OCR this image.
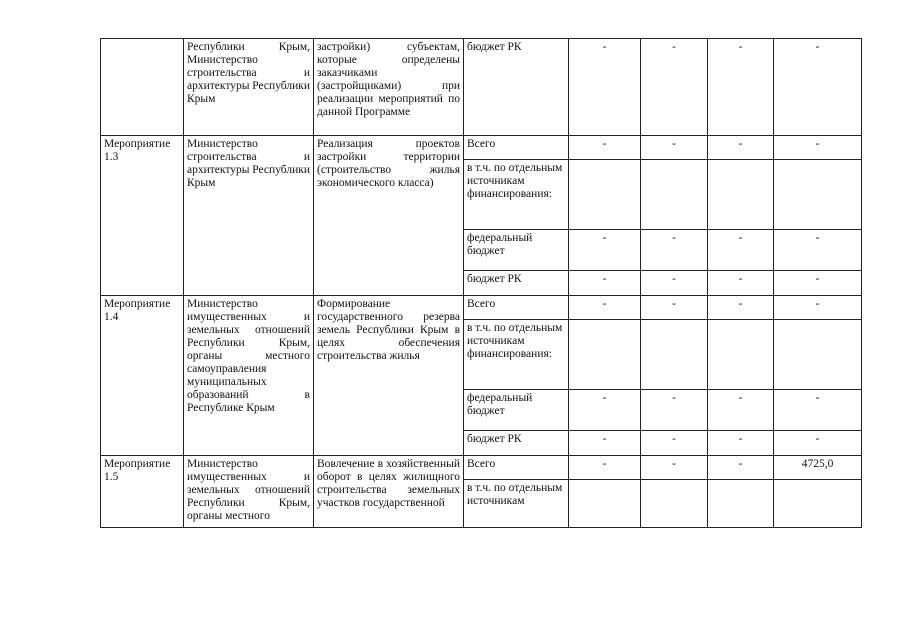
	Республики Крым, Министерство строительства и архитектуры Республики Крым	застройки) субъектам, которые определены заказчиками (застройщиками) при реализации мероприятий по данной Программе	бюджет РК	-	-	-	-
Мероприятие 1.3	Министерство строительства и архитектуры Республики Крым	Реализация проектов застройки территории (строительство жилья экономического класса)	Всего	-	-	-	-
			в т.ч. по отдельным источникам финансирования:				
			федеральный бюджет	-	-	-	-
			бюджет РК	-	-	-	-
Мероприятие 1.4	Министерство имущественных и земельных отношений Республики Крым, органы местного самоуправления муниципальных образований в Республике Крым	Формирование государственного резерва земель Республики Крым в целях обеспечения строительства жилья	Всего	-	-	-	-
			в т.ч. по отдельным источникам финансирования:				
			федеральный бюджет	-	-	-	-
			бюджет РК	-	-	-	-
Мероприятие 1.5	Министерство имущественных и земельных отношений Республики Крым, органы местного	Вовлечение в хозяйственный оборот в целях жилищного строительства земельных участков государственной	Всего	-	-	-	4725,0
			в т.ч. по отдельным источникам				
